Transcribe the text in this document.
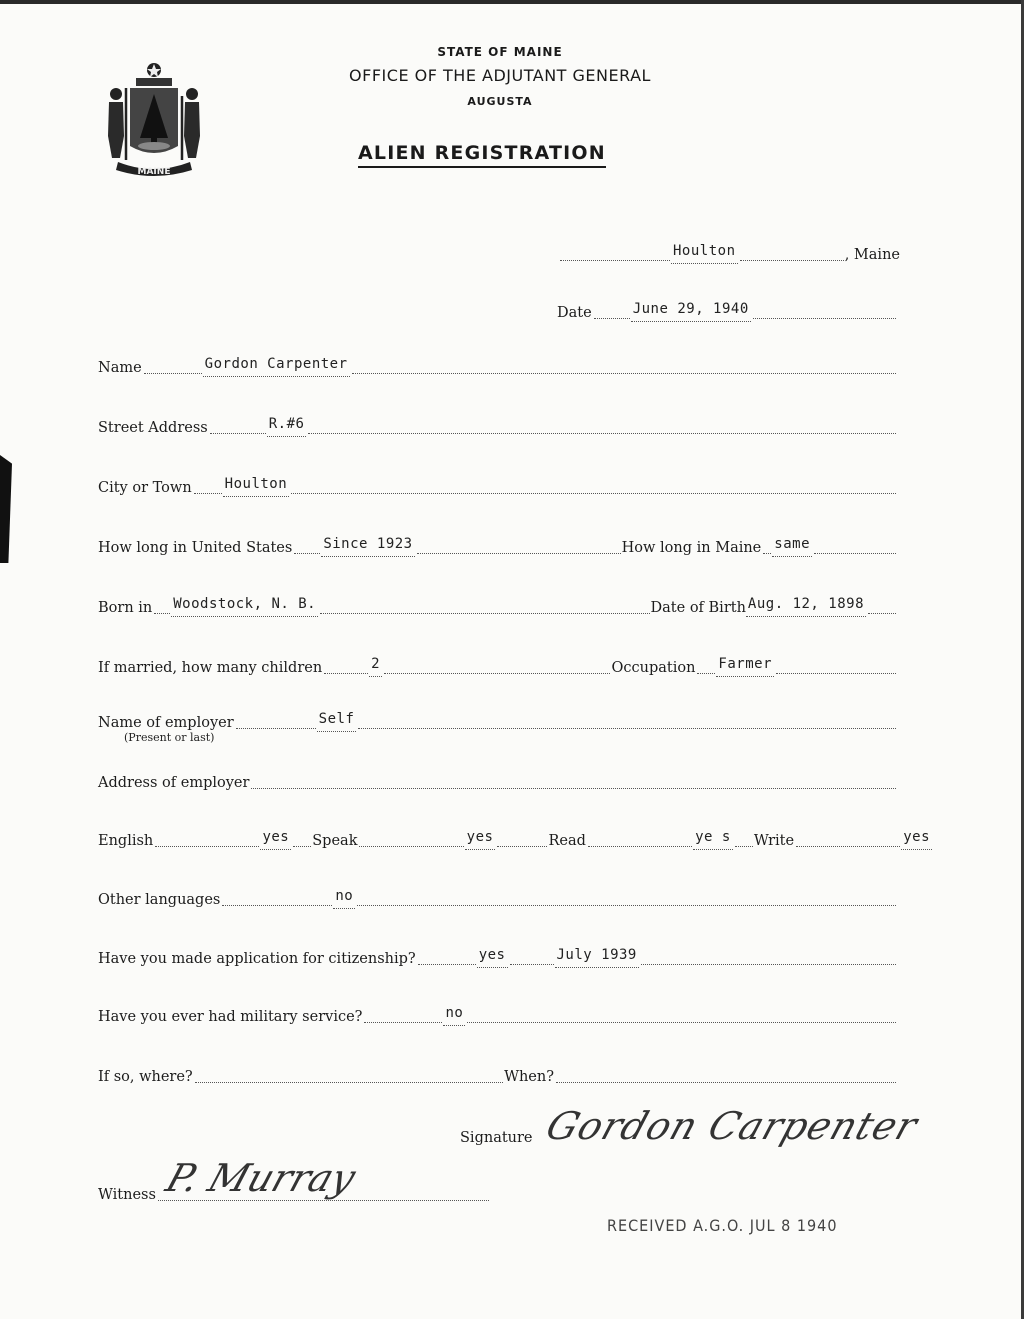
MAINE
STATE OF MAINE
OFFICE OF THE ADJUTANT GENERAL
AUGUSTA
ALIEN REGISTRATION
Houlton	, Maine
Date	June 29, 1940
Name	Gordon Carpenter
Street Address	R.#6
City or Town Houlton
How long in United States Since 1923	How long in Maine same
Born in Woodstock, N. B.	Date of Birth Aug. 12, 1898
If married, how many children	2	Occupation Farmer
Name of employer	Self
(Present or last)
Address of employer
English	yes Speak	yes	Read	ye s Write	yes
Other languages	no
Have you made application for citizenship?	yes	July 1939
Have you ever had military service?	no
If so, where?	When?
Signature Gordon Carpenter
Witness P. Murray
RECEIVED A.G.O. JUL 8 1940
